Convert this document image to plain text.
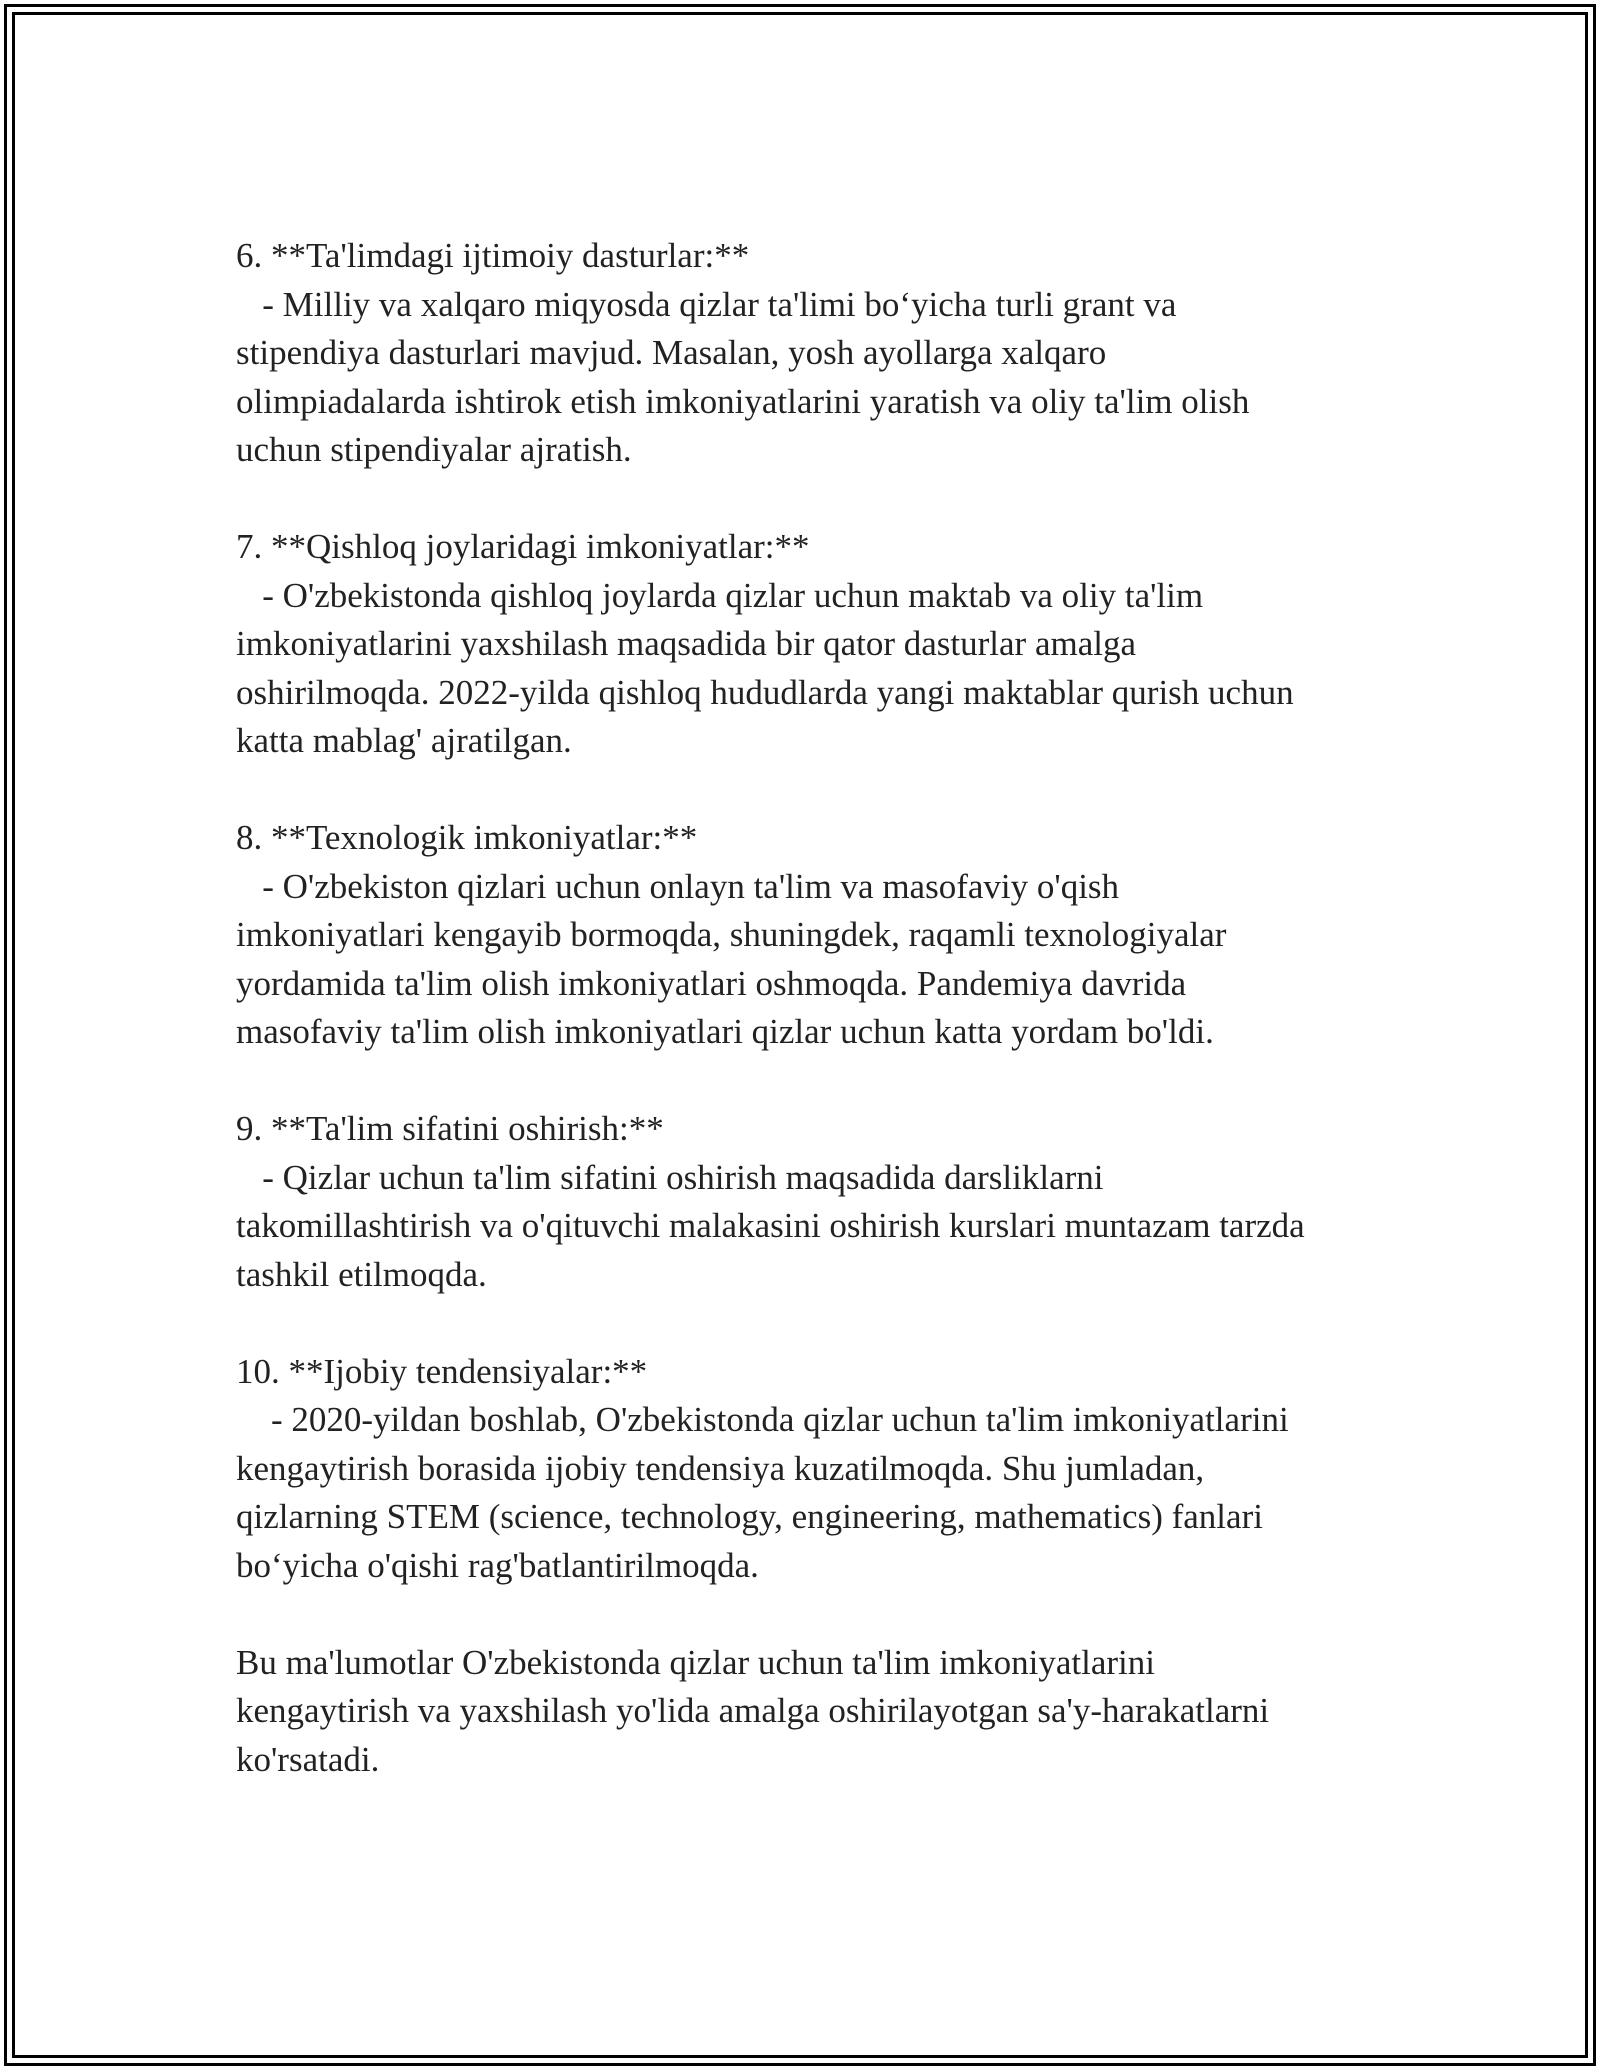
6. **Ta'limdagi ijtimoiy dasturlar:**
- Milliy va xalqaro miqyosda qizlar ta'limi bo‘yicha turli grant va
stipendiya dasturlari mavjud. Masalan, yosh ayollarga xalqaro
olimpiadalarda ishtirok etish imkoniyatlarini yaratish va oliy ta'lim olish
uchun stipendiyalar ajratish.
7. **Qishloq joylaridagi imkoniyatlar:**
- O'zbekistonda qishloq joylarda qizlar uchun maktab va oliy ta'lim
imkoniyatlarini yaxshilash maqsadida bir qator dasturlar amalga
oshirilmoqda. 2022-yilda qishloq hududlarda yangi maktablar qurish uchun
katta mablag' ajratilgan.
8. **Texnologik imkoniyatlar:**
- O'zbekiston qizlari uchun onlayn ta'lim va masofaviy o'qish
imkoniyatlari kengayib bormoqda, shuningdek, raqamli texnologiyalar
yordamida ta'lim olish imkoniyatlari oshmoqda. Pandemiya davrida
masofaviy ta'lim olish imkoniyatlari qizlar uchun katta yordam bo'ldi.
9. **Ta'lim sifatini oshirish:**
- Qizlar uchun ta'lim sifatini oshirish maqsadida darsliklarni
takomillashtirish va o'qituvchi malakasini oshirish kurslari muntazam tarzda
tashkil etilmoqda.
10. **Ijobiy tendensiyalar:**
- 2020-yildan boshlab, O'zbekistonda qizlar uchun ta'lim imkoniyatlarini
kengaytirish borasida ijobiy tendensiya kuzatilmoqda. Shu jumladan,
qizlarning STEM (science, technology, engineering, mathematics) fanlari
bo‘yicha o'qishi rag'batlantirilmoqda.
Bu ma'lumotlar O'zbekistonda qizlar uchun ta'lim imkoniyatlarini
kengaytirish va yaxshilash yo'lida amalga oshirilayotgan sa'y-harakatlarni
ko'rsatadi.
